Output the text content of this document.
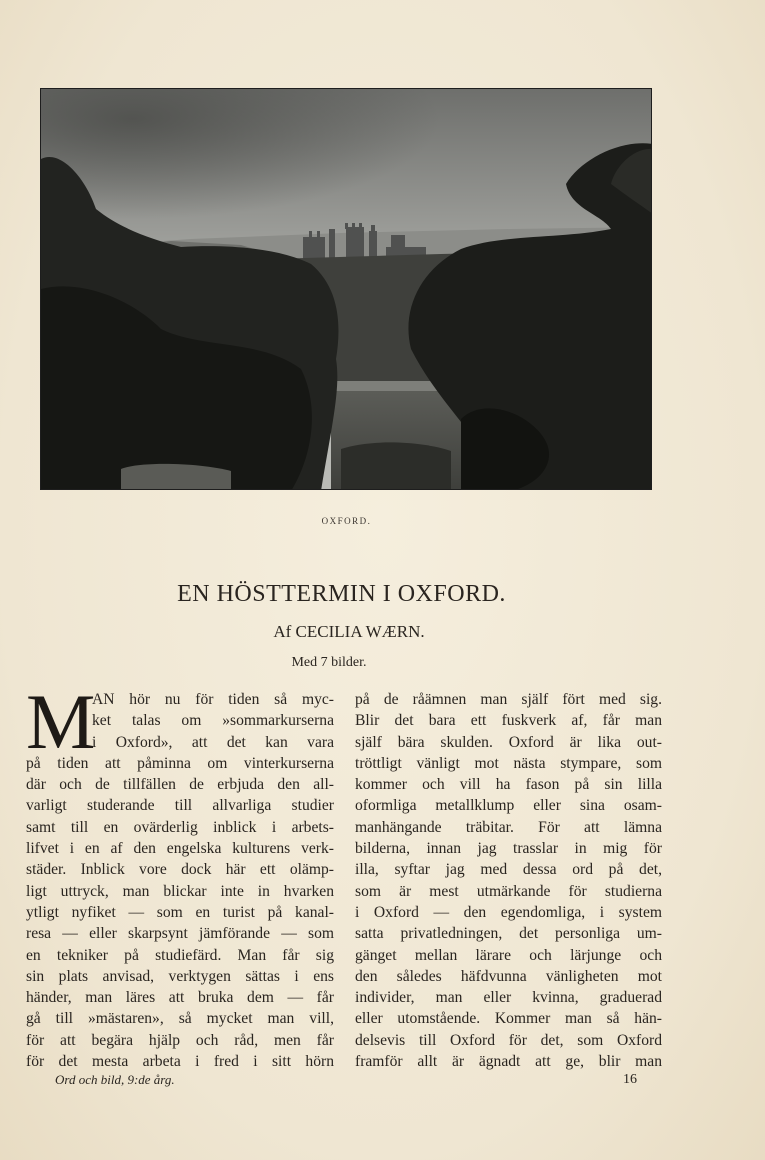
OXFORD.
EN HÖSTTERMIN I OXFORD.
Af CECILIA WÆRN.
Med 7 bilder.
M
AN hör nu för tiden så myc-
ket talas om »sommarkurserna
i Oxford», att det kan vara
på tiden att påminna om vinterkurserna
där och de tillfällen de erbjuda den all-
varligt studerande till allvarliga studier
samt till en ovärderlig inblick i arbets-
lifvet i en af den engelska kulturens verk-
städer. Inblick vore dock här ett olämp-
ligt uttryck, man blickar inte in hvarken
ytligt nyfiket — som en turist på kanal-
resa — eller skarpsynt jämförande — som
en tekniker på studiefärd. Man får sig
sin plats anvisad, verktygen sättas i ens
händer, man läres att bruka dem — får
gå till »mästaren», så mycket man vill,
för att begära hjälp och råd, men får
för det mesta arbeta i fred i sitt hörn
på de råämnen man själf fört med sig.
Blir det bara ett fuskverk af, får man
själf bära skulden. Oxford är lika out-
tröttligt vänligt mot nästa stympare, som
kommer och vill ha fason på sin lilla
oformliga metallklump eller sina osam-
manhängande träbitar. För att lämna
bilderna, innan jag trasslar in mig för
illa, syftar jag med dessa ord på det,
som är mest utmärkande för studierna
i Oxford — den egendomliga, i system
satta privatledningen, det personliga um-
gänget mellan lärare och lärjunge och
den således häfdvunna vänligheten mot
individer, man eller kvinna, graduerad
eller utomstående. Kommer man så hän-
delsevis till Oxford för det, som Oxford
framför allt är ägnadt att ge, blir man
Ord och bild, 9:de årg.	16
